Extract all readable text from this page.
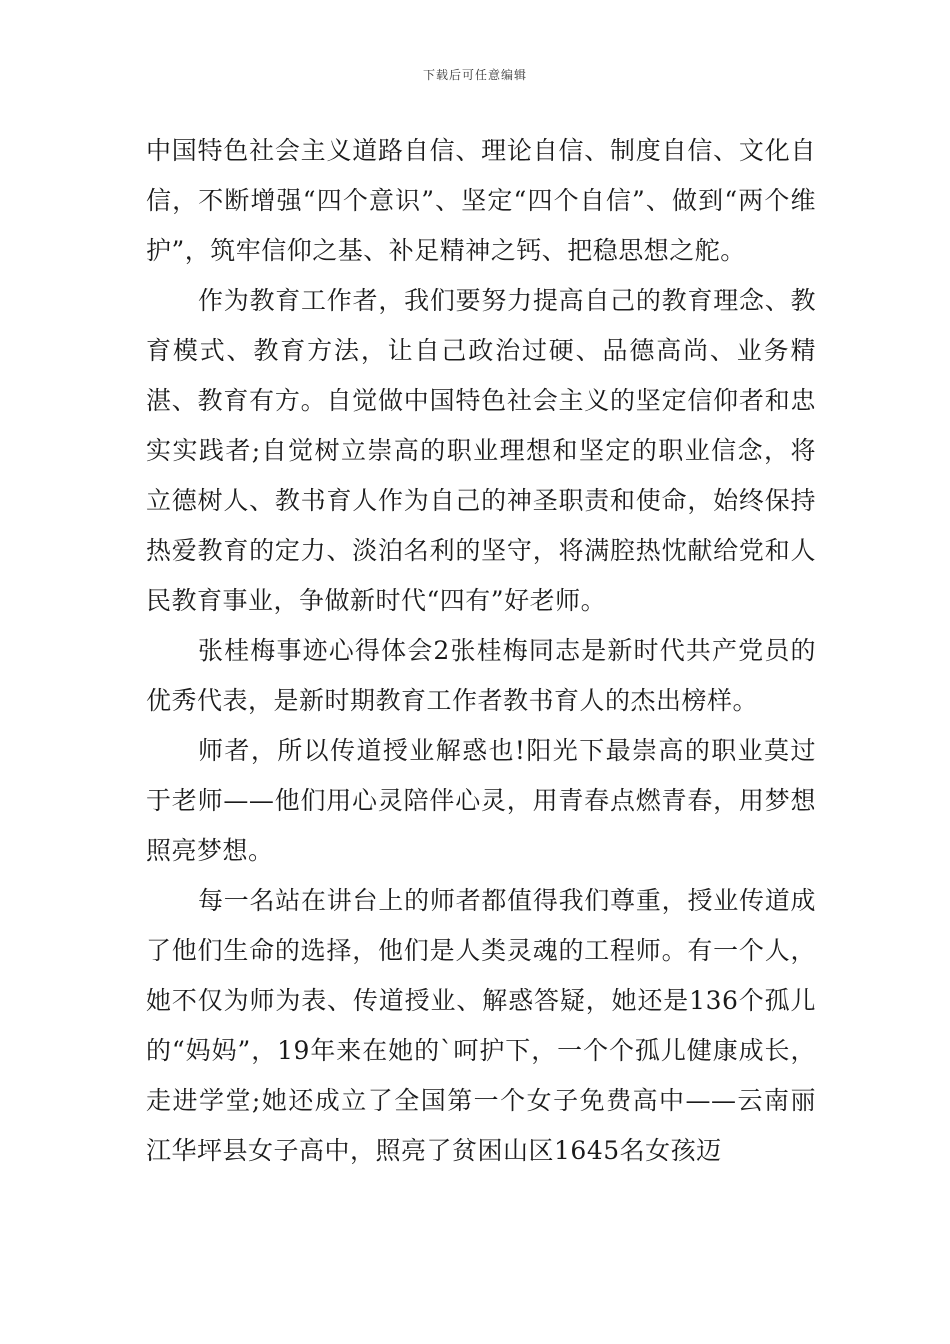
下载后可任意编辑

中国特色社会主义道路自信、理论自信、制度自信、文化自信，不断增强“四个意识”、坚定“四个自信”、做到“两个维护”，筑牢信仰之基、补足精神之钙、把稳思想之舵。

作为教育工作者，我们要努力提高自己的教育理念、教育模式、教育方法，让自己政治过硬、品德高尚、业务精湛、教育有方。自觉做中国特色社会主义的坚定信仰者和忠实实践者;自觉树立崇高的职业理想和坚定的职业信念，将立德树人、教书育人作为自己的神圣职责和使命，始终保持热爱教育的定力、淡泊名利的坚守，将满腔热忱献给党和人民教育事业，争做新时代“四有”好老师。

张桂梅事迹心得体会2张桂梅同志是新时代共产党员的优秀代表，是新时期教育工作者教书育人的杰出榜样。

师者，所以传道授业解惑也!阳光下最崇高的职业莫过于老师——他们用心灵陪伴心灵，用青春点燃青春，用梦想照亮梦想。

每一名站在讲台上的师者都值得我们尊重，授业传道成了他们生命的选择，他们是人类灵魂的工程师。有一个人，她不仅为师为表、传道授业、解惑答疑，她还是136个孤儿的“妈妈”，19年来在她的`呵护下，一个个孤儿健康成长，走进学堂;她还成立了全国第一个女子免费高中——云南丽江华坪县女子高中，照亮了贫困山区1645名女孩迈
